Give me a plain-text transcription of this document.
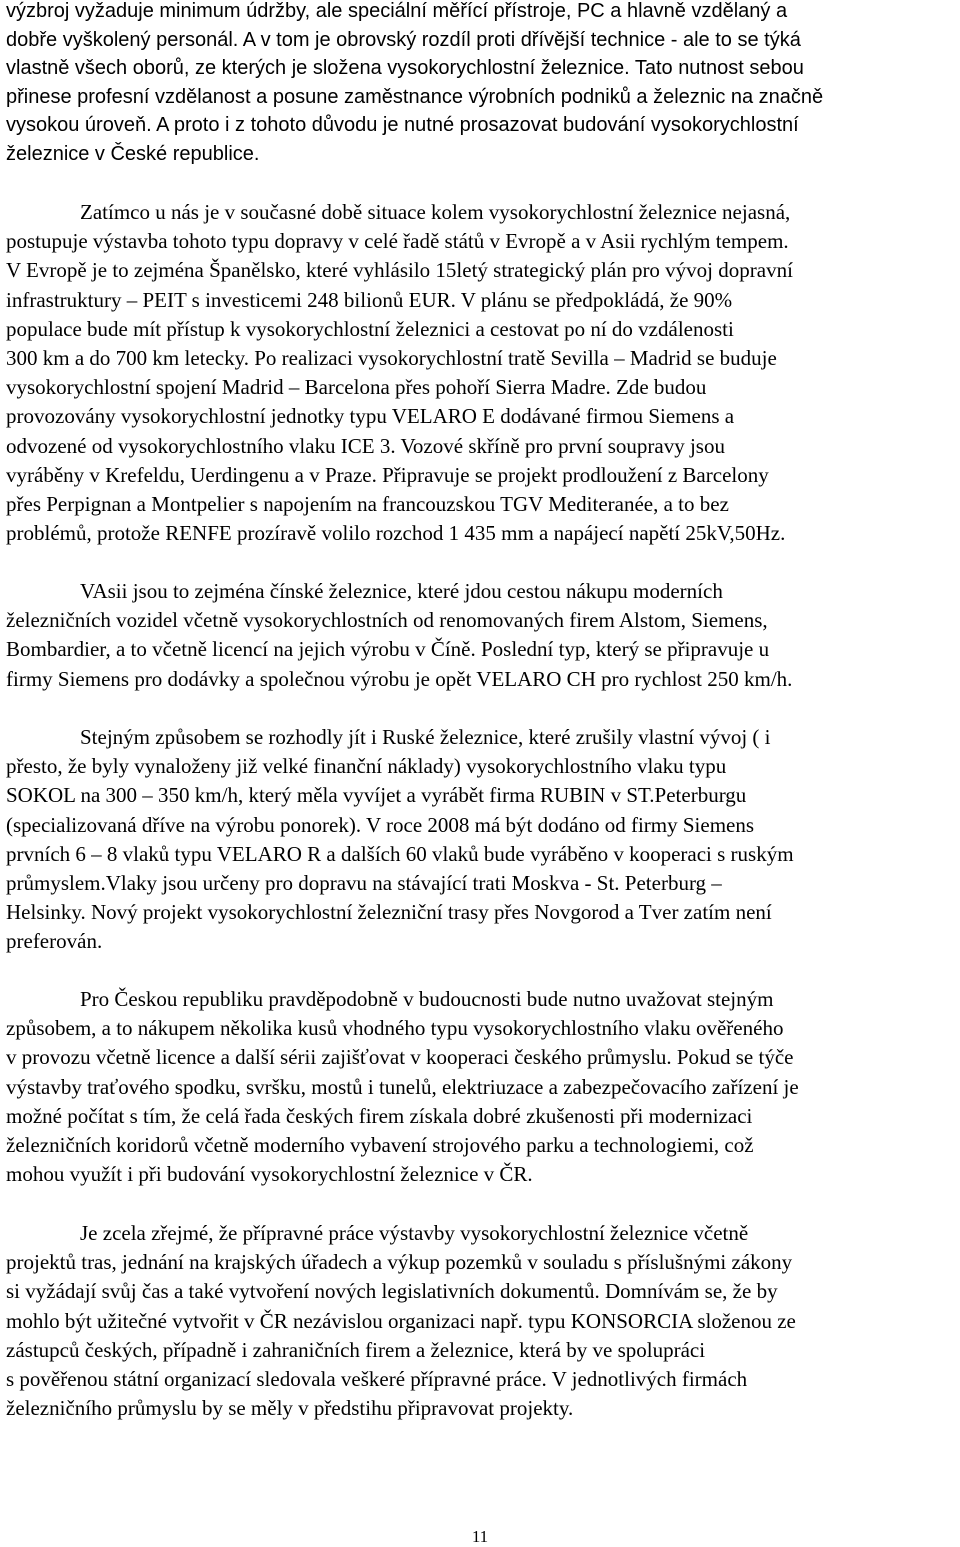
výzbroj vyžaduje minimum údržby, ale speciální měřící přístroje, PC a hlavně vzdělaný a
dobře vyškolený personál. A v tom je obrovský rozdíl proti dřívější technice - ale to se týká
vlastně všech oborů, ze kterých je složena vysokorychlostní železnice. Tato nutnost sebou
přinese profesní vzdělanost a posune zaměstnance výrobních podniků a železnic na značně
vysokou úroveň. A proto i z tohoto důvodu je nutné prosazovat budování vysokorychlostní
železnice v České republice.
Zatímco u nás je v současné době situace kolem vysokorychlostní železnice nejasná,
postupuje výstavba tohoto typu dopravy v celé řadě států v Evropě a v Asii rychlým tempem.
V Evropě je to zejména Španělsko, které vyhlásilo 15letý strategický plán pro vývoj dopravní
infrastruktury – PEIT s investicemi 248 bilionů EUR. V plánu se předpokládá, že 90%
populace bude mít přístup k vysokorychlostní železnici a cestovat po ní do vzdálenosti
300 km a do 700 km letecky. Po realizaci vysokorychlostní tratě Sevilla – Madrid se buduje
vysokorychlostní spojení Madrid – Barcelona přes pohoří Sierra Madre. Zde budou
provozovány vysokorychlostní jednotky typu VELARO E dodávané firmou Siemens a
odvozené od vysokorychlostního vlaku ICE 3. Vozové skříně pro první soupravy jsou
vyráběny v Krefeldu, Uerdingenu a v Praze. Připravuje se projekt prodloužení z Barcelony
přes Perpignan a Montpelier s napojením na francouzskou TGV Mediteranée, a to bez
problémů, protože RENFE prozíravě volilo rozchod 1 435 mm a napájecí napětí 25kV,50Hz.
VAsii jsou to zejména čínské železnice, které jdou cestou nákupu moderních
železničních vozidel včetně vysokorychlostních od renomovaných firem Alstom, Siemens,
Bombardier, a to včetně licencí na jejich výrobu v Číně. Poslední typ, který se připravuje u
firmy Siemens pro dodávky a společnou výrobu je opět VELARO CH pro rychlost 250 km/h.
Stejným způsobem se rozhodly jít i Ruské železnice, které zrušily vlastní vývoj ( i
přesto, že byly vynaloženy již velké finanční náklady) vysokorychlostního vlaku typu
SOKOL na 300 – 350 km/h, který měla vyvíjet a vyrábět firma RUBIN v ST.Peterburgu
(specializovaná dříve na výrobu ponorek). V roce 2008 má být dodáno od firmy Siemens
prvních 6 – 8 vlaků typu VELARO R a dalších 60 vlaků bude vyráběno v kooperaci s ruským
průmyslem.Vlaky jsou určeny pro dopravu na stávající trati Moskva - St. Peterburg –
Helsinky. Nový projekt vysokorychlostní železniční trasy přes Novgorod a Tver zatím není
preferován.
Pro Českou republiku pravděpodobně v budoucnosti bude nutno uvažovat stejným
způsobem, a to nákupem několika kusů vhodného typu vysokorychlostního vlaku ověřeného
v provozu včetně licence a další sérii zajišťovat v kooperaci českého průmyslu. Pokud se týče
výstavby traťového spodku, svršku, mostů i tunelů, elektriuzace a zabezpečovacího zařízení je
možné počítat s tím, že celá řada českých firem získala dobré zkušenosti při modernizaci
železničních koridorů včetně moderního vybavení strojového parku a technologiemi, což
mohou využít i při budování vysokorychlostní železnice v ČR.
Je zcela zřejmé, že přípravné práce výstavby vysokorychlostní železnice včetně
projektů tras, jednání na krajských úřadech a výkup pozemků v souladu s příslušnými zákony
si vyžádají svůj čas a také vytvoření nových legislativních dokumentů. Domnívám se, že by
mohlo být užitečné vytvořit v ČR nezávislou organizaci např. typu KONSORCIA složenou ze
zástupců českých, případně i zahraničních firem a železnice, která by ve spolupráci
s pověřenou státní organizací sledovala veškeré přípravné práce. V jednotlivých firmách
železničního průmyslu by se měly v předstihu připravovat projekty.
11
